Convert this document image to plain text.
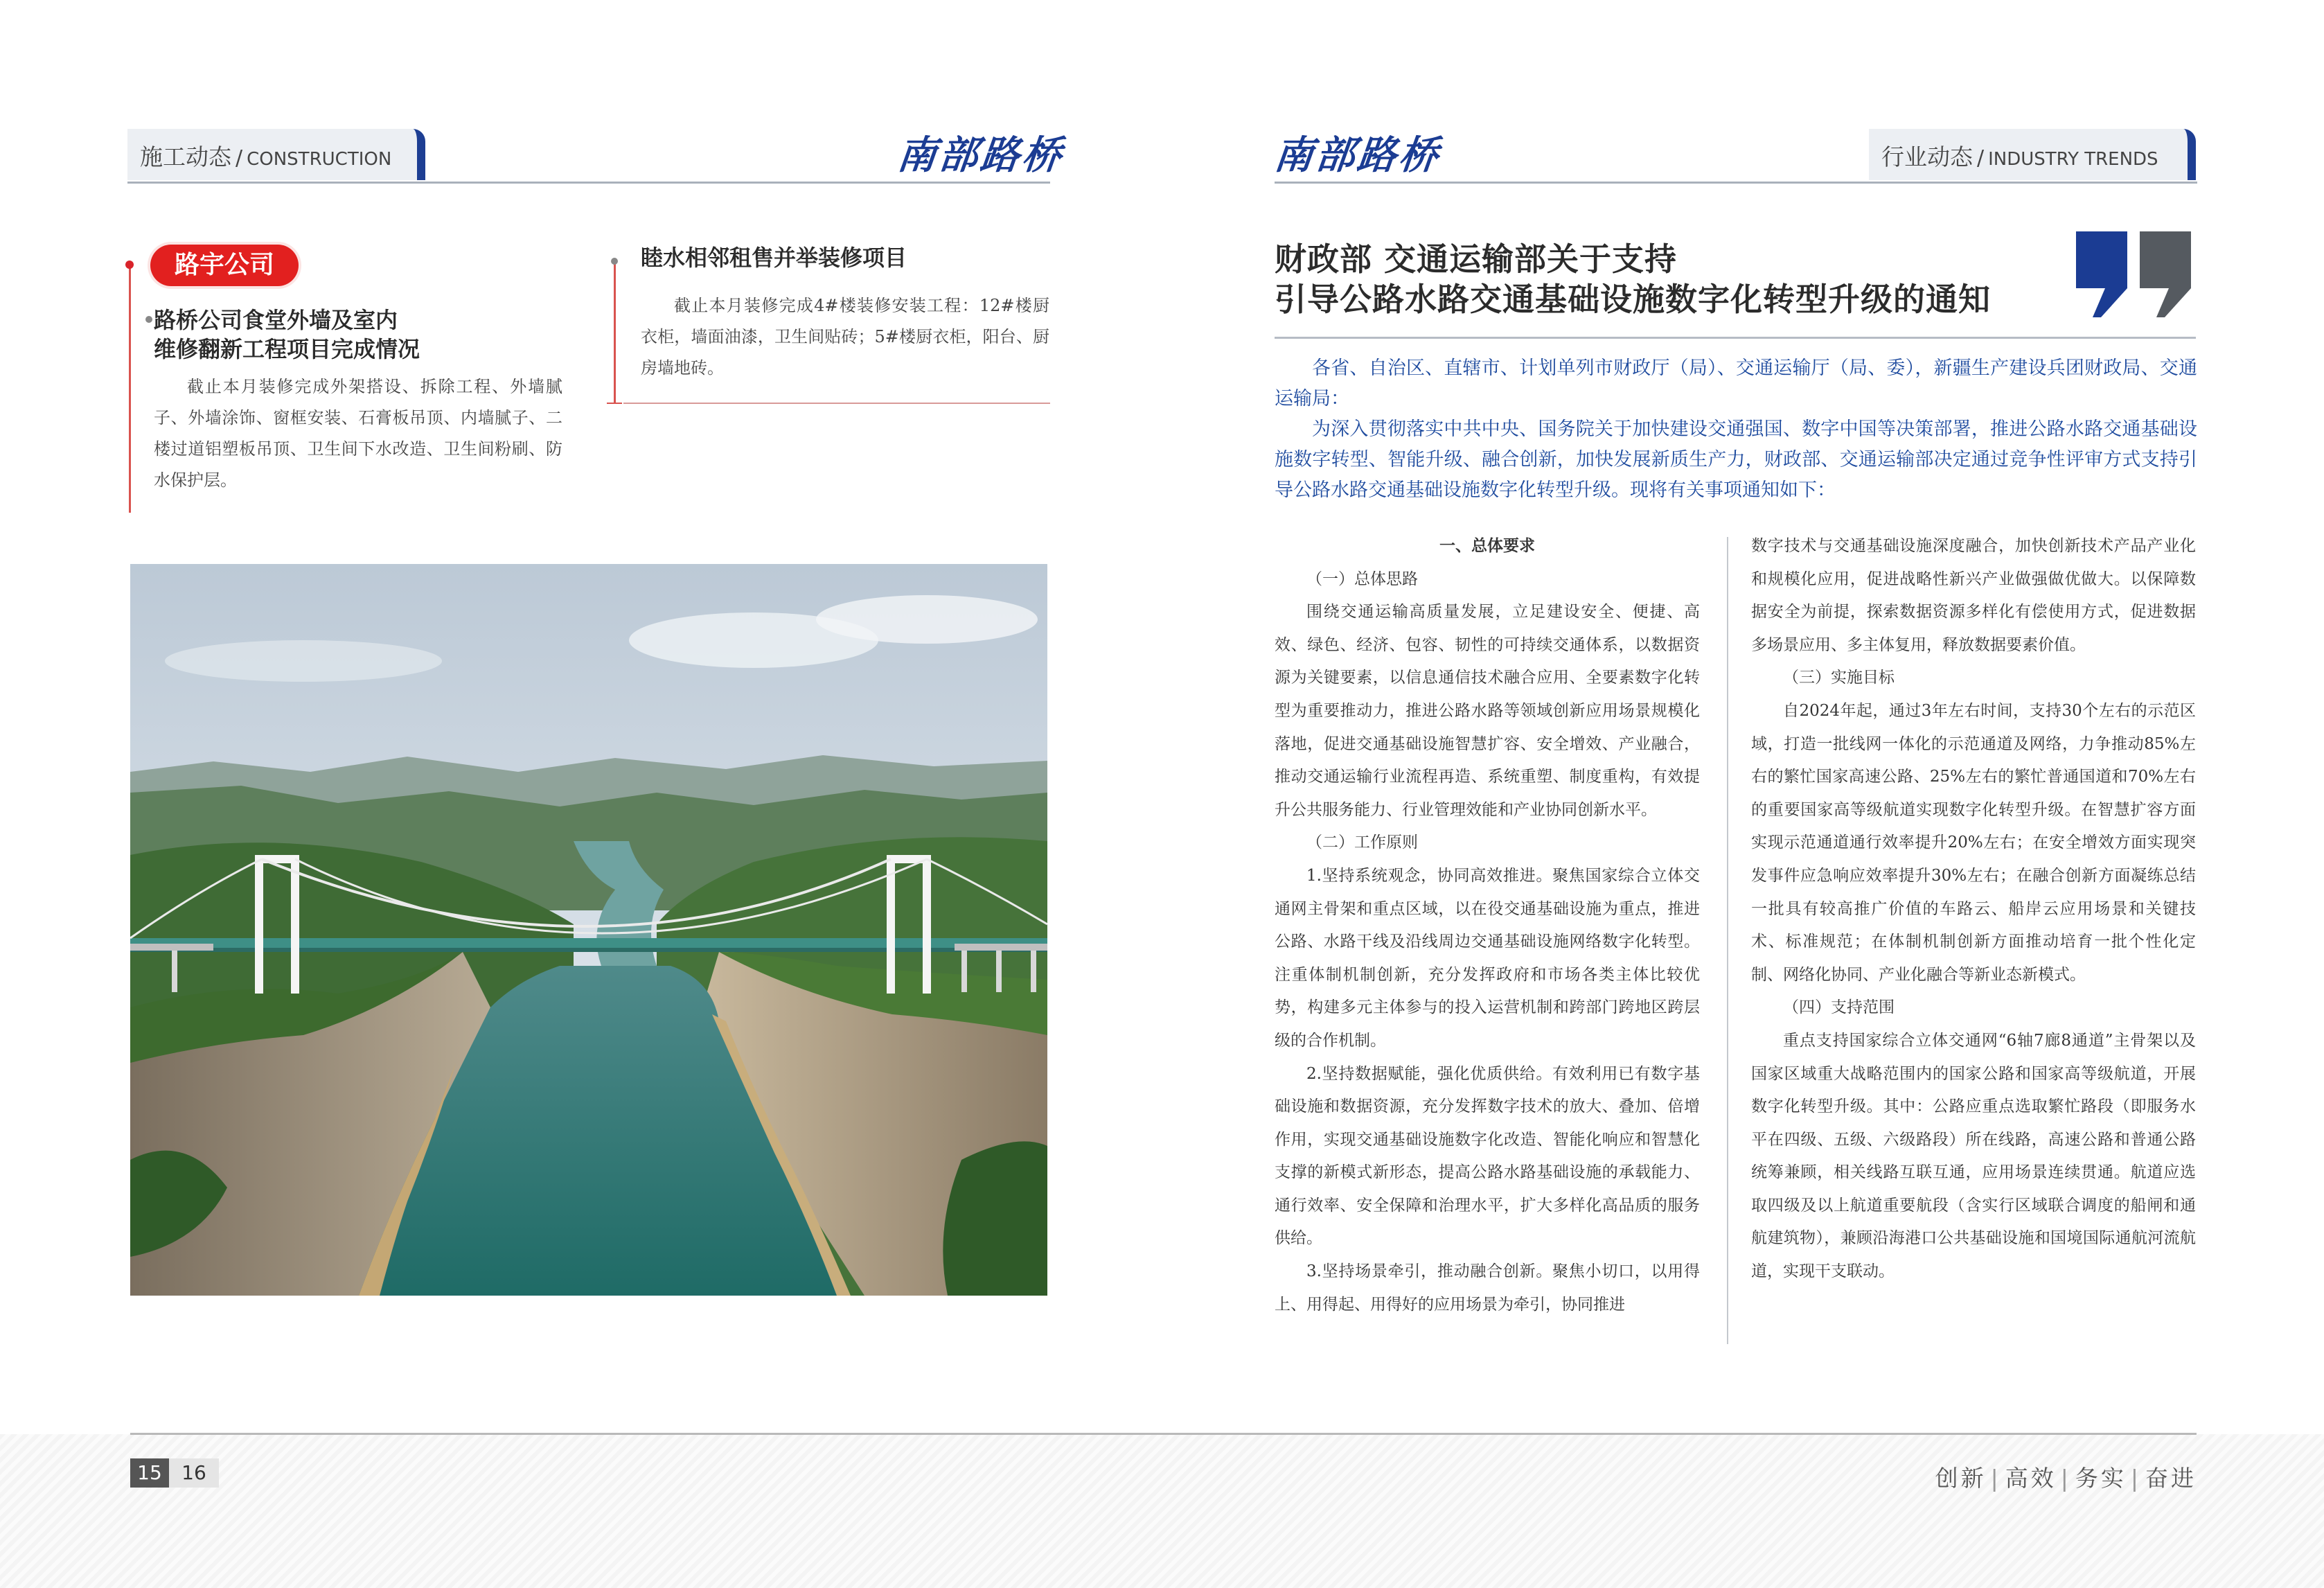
施工动态 / CONSTRUCTION	南部路桥
路宇公司
路桥公司食堂外墙及室内
维修翻新工程项目完成情况
截止本月装修完成外架搭设、拆除工程、外墙腻子、外墙涂饰、窗框安装、石膏板吊顶、内墙腻子、二楼过道铝塑板吊顶、卫生间下水改造、卫生间粉刷、防水保护层。
睦水相邻租售并举装修项目
截止本月装修完成4#楼装修安装工程：12#楼厨衣柜，墙面油漆，卫生间贴砖；5#楼厨衣柜，阳台、厨房墙地砖。
南部路桥	行业动态 / INDUSTRY TRENDS
财政部 交通运输部关于支持
引导公路水路交通基础设施数字化转型升级的通知

各省、自治区、直辖市、计划单列市财政厅（局）、交通运输厅（局、委），新疆生产建设兵团财政局、交通运输局：

为深入贯彻落实中共中央、国务院关于加快建设交通强国、数字中国等决策部署，推进公路水路交通基础设施数字转型、智能升级、融合创新，加快发展新质生产力，财政部、交通运输部决定通过竞争性评审方式支持引导公路水路交通基础设施数字化转型升级。现将有关事项通知如下：

一、总体要求

（一）总体思路

围绕交通运输高质量发展，立足建设安全、便捷、高效、绿色、经济、包容、韧性的可持续交通体系，以数据资源为关键要素，以信息通信技术融合应用、全要素数字化转型为重要推动力，推进公路水路等领域创新应用场景规模化落地，促进交通基础设施智慧扩容、安全增效、产业融合，推动交通运输行业流程再造、系统重塑、制度重构，有效提升公共服务能力、行业管理效能和产业协同创新水平。

（二）工作原则

1.坚持系统观念，协同高效推进。聚焦国家综合立体交通网主骨架和重点区域，以在役交通基础设施为重点，推进公路、水路干线及沿线周边交通基础设施网络数字化转型。注重体制机制创新，充分发挥政府和市场各类主体比较优势，构建多元主体参与的投入运营机制和跨部门跨地区跨层级的合作机制。

2.坚持数据赋能，强化优质供给。有效利用已有数字基础设施和数据资源，充分发挥数字技术的放大、叠加、倍增作用，实现交通基础设施数字化改造、智能化响应和智慧化支撑的新模式新形态，提高公路水路基础设施的承载能力、通行效率、安全保障和治理水平，扩大多样化高品质的服务供给。

3.坚持场景牵引，推动融合创新。聚焦小切口，以用得上、用得起、用得好的应用场景为牵引，协同推进

数字技术与交通基础设施深度融合，加快创新技术产品产业化和规模化应用，促进战略性新兴产业做强做优做大。以保障数据安全为前提，探索数据资源多样化有偿使用方式，促进数据多场景应用、多主体复用，释放数据要素价值。

（三）实施目标

自2024年起，通过3年左右时间，支持30个左右的示范区域，打造一批线网一体化的示范通道及网络，力争推动85%左右的繁忙国家高速公路、25%左右的繁忙普通国道和70%左右的重要国家高等级航道实现数字化转型升级。在智慧扩容方面实现示范通道通行效率提升20%左右；在安全增效方面实现突发事件应急响应效率提升30%左右；在融合创新方面凝练总结一批具有较高推广价值的车路云、船岸云应用场景和关键技术、标准规范；在体制机制创新方面推动培育一批个性化定制、网络化协同、产业化融合等新业态新模式。

（四）支持范围

重点支持国家综合立体交通网“6轴7廊8通道”主骨架以及国家区域重大战略范围内的国家公路和国家高等级航道，开展数字化转型升级。其中：公路应重点选取繁忙路段（即服务水平在四级、五级、六级路段）所在线路，高速公路和普通公路统筹兼顾，相关线路互联互通，应用场景连续贯通。航道应选取四级及以上航道重要航段（含实行区域联合调度的船闸和通航建筑物），兼顾沿海港口公共基础设施和国境国际通航河流航道，实现干支联动。

15	16	创新 | 高效 | 务实 | 奋进
